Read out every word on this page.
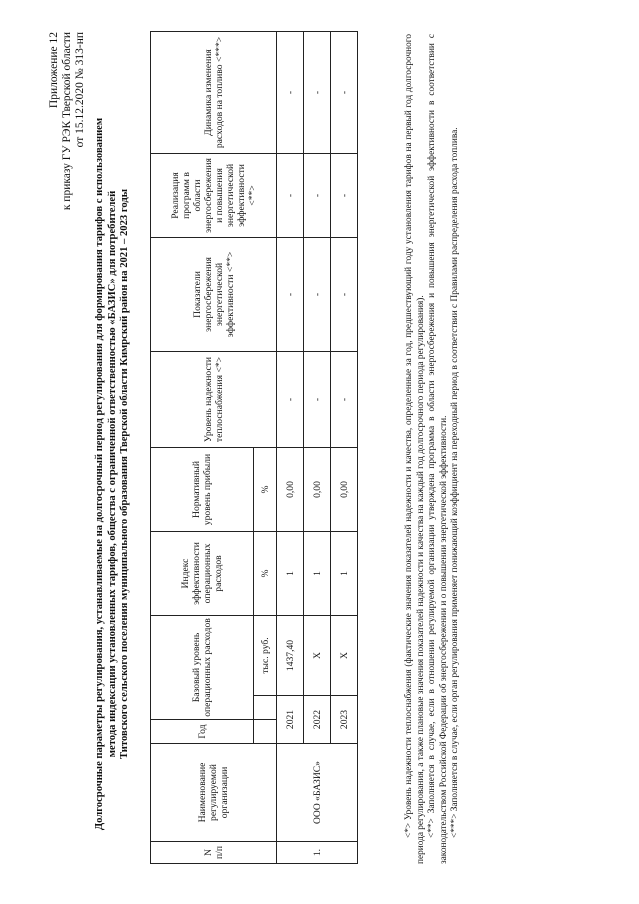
Приложение 12 к приказу ГУ РЭК Тверской области от 15.12.2020 № 313-нп
Долгосрочные параметры регулирования, устанавливаемые на долгосрочный период регулирования для формирования тарифов с использованием метода индексации установленных тарифов, общества с ограниченной ответственностью «БАЗИС» для потребителей Титовского сельского поселения муниципального образования Тверской области Кимрский район на 2021 – 2023 годы
N п/п	Наименование регулируемой организации	Год	Базовый уровень операционных расходов		Индекс эффективности операционных расходов	Нормативный уровень прибыли	Уровень надежности теплоснабжения <*>	Показатели энергосбережения энергетической эффективности <**>	Реализация программ в области энергосбережения и повышения энергетической эффективности <**>	Динамика изменения расходов на топливо <***>
				тыс. руб.	%	%				
1.	ООО «БАЗИС»	2021		1437,40	1	0,00	-	-	-	-
		2022		Х	1	0,00	-	-	-	-
		2023		Х	1	0,00	-	-	-	-	<*> Уровень надежности теплоснабжения (фактические значения показателей надежности и качества, определенные за год, предшествующий году установления тарифов на первый год долгосрочного периода регулирования, а также плановые значения показателей надежности и качества на каждый год долгосрочного периода регулирования). <**> Заполняется в случае, если в отношении регулируемой организации утверждена программа в области энергосбережения и повышения энергетической эффективности в соответствии с законодательством Российской Федерации об энергосбережении и о повышении энергетической эффективности. <***> Заполняется в случае, если орган регулирования применяет понижающий коэффициент на переходный период в соответствии с Правилами распределения расхода топлива.
